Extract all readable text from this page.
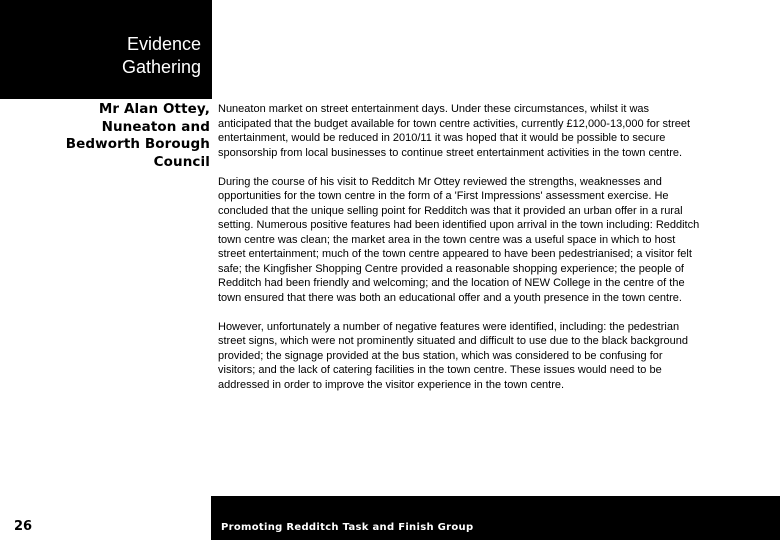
Evidence
Gathering
Mr Alan Ottey,
Nuneaton and
Bedworth Borough
Council

Nuneaton market on street entertainment days. Under these circumstances, whilst it was
anticipated that the budget available for town centre activities, currently £12,000-13,000 for street
entertainment, would be reduced in 2010/11 it was hoped that it would be possible to secure
sponsorship from local businesses to continue street entertainment activities in the town centre.

During the course of his visit to Redditch Mr Ottey reviewed the strengths, weaknesses and
opportunities for the town centre in the form of a 'First Impressions' assessment exercise. He
concluded that the unique selling point for Redditch was that it provided an urban offer in a rural
setting. Numerous positive features had been identified upon arrival in the town including: Redditch
town centre was clean; the market area in the town centre was a useful space in which to host
street entertainment; much of the town centre appeared to have been pedestrianised; a visitor felt
safe; the Kingfisher Shopping Centre provided a reasonable shopping experience; the people of
Redditch had been friendly and welcoming; and the location of NEW College in the centre of the
town ensured that there was both an educational offer and a youth presence in the town centre.

However, unfortunately a number of negative features were identified, including: the pedestrian
street signs, which were not prominently situated and difficult to use due to the black background
provided; the signage provided at the bus station, which was considered to be confusing for
visitors; and the lack of catering facilities in the town centre. These issues would need to be
addressed in order to improve the visitor experience in the town centre.

26	Promoting Redditch Task and Finish Group
